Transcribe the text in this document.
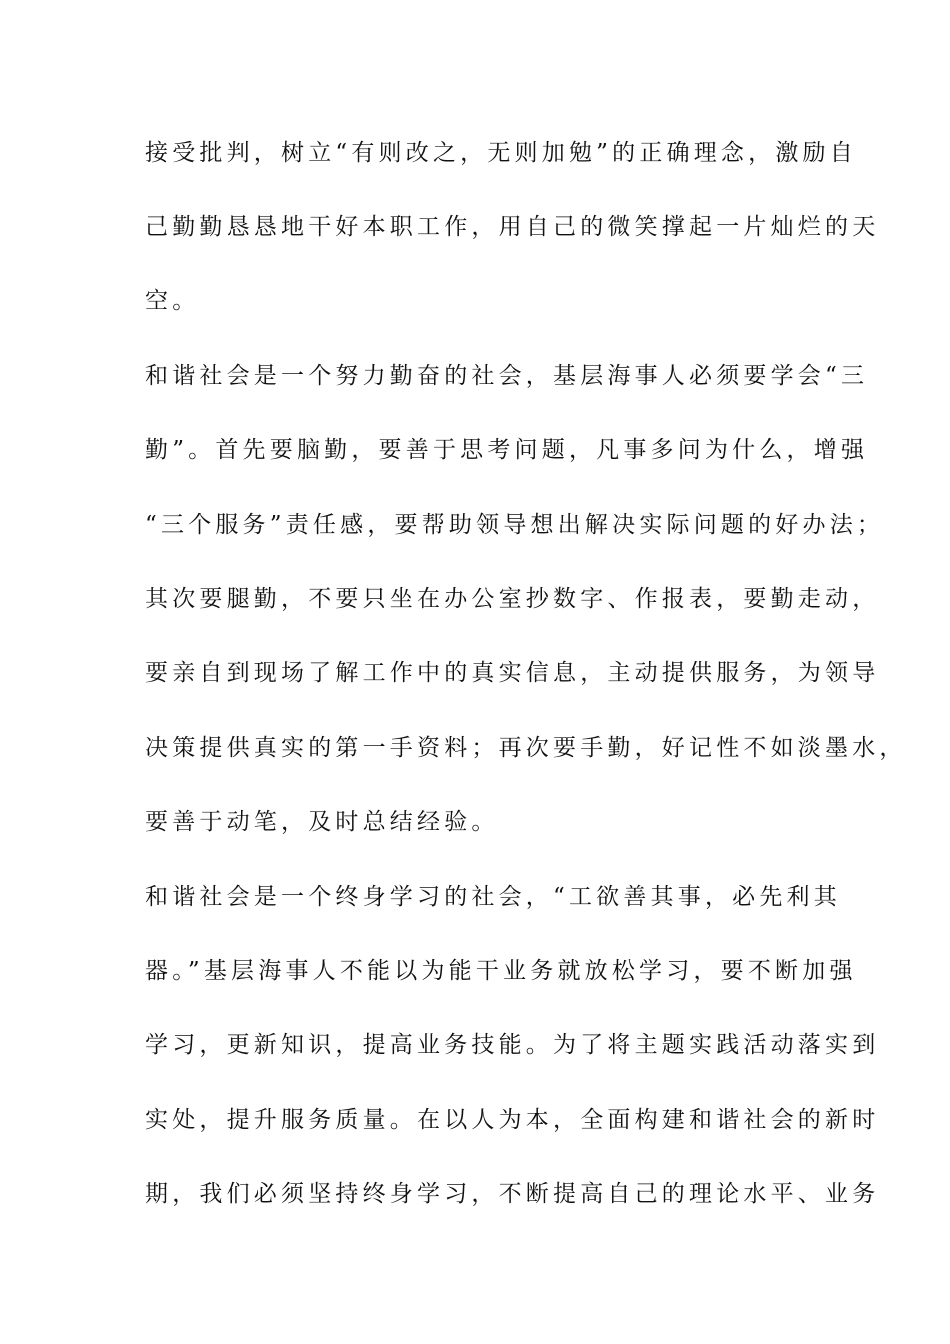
接受批判，树立“有则改之，无则加勉”的正确理念，激励自
己勤勤恳恳地干好本职工作，用自己的微笑撑起一片灿烂的天
空。
和谐社会是一个努力勤奋的社会，基层海事人必须要学会“三
勤”。首先要脑勤，要善于思考问题，凡事多问为什么，增强
“三个服务”责任感，要帮助领导想出解决实际问题的好办法；
其次要腿勤，不要只坐在办公室抄数字、作报表，要勤走动，
要亲自到现场了解工作中的真实信息，主动提供服务，为领导
决策提供真实的第一手资料；再次要手勤，好记性不如淡墨水，
要善于动笔，及时总结经验。
和谐社会是一个终身学习的社会，“工欲善其事，必先利其
器。”基层海事人不能以为能干业务就放松学习，要不断加强
学习，更新知识，提高业务技能。为了将主题实践活动落实到
实处，提升服务质量。在以人为本，全面构建和谐社会的新时
期，我们必须坚持终身学习，不断提高自己的理论水平、业务
